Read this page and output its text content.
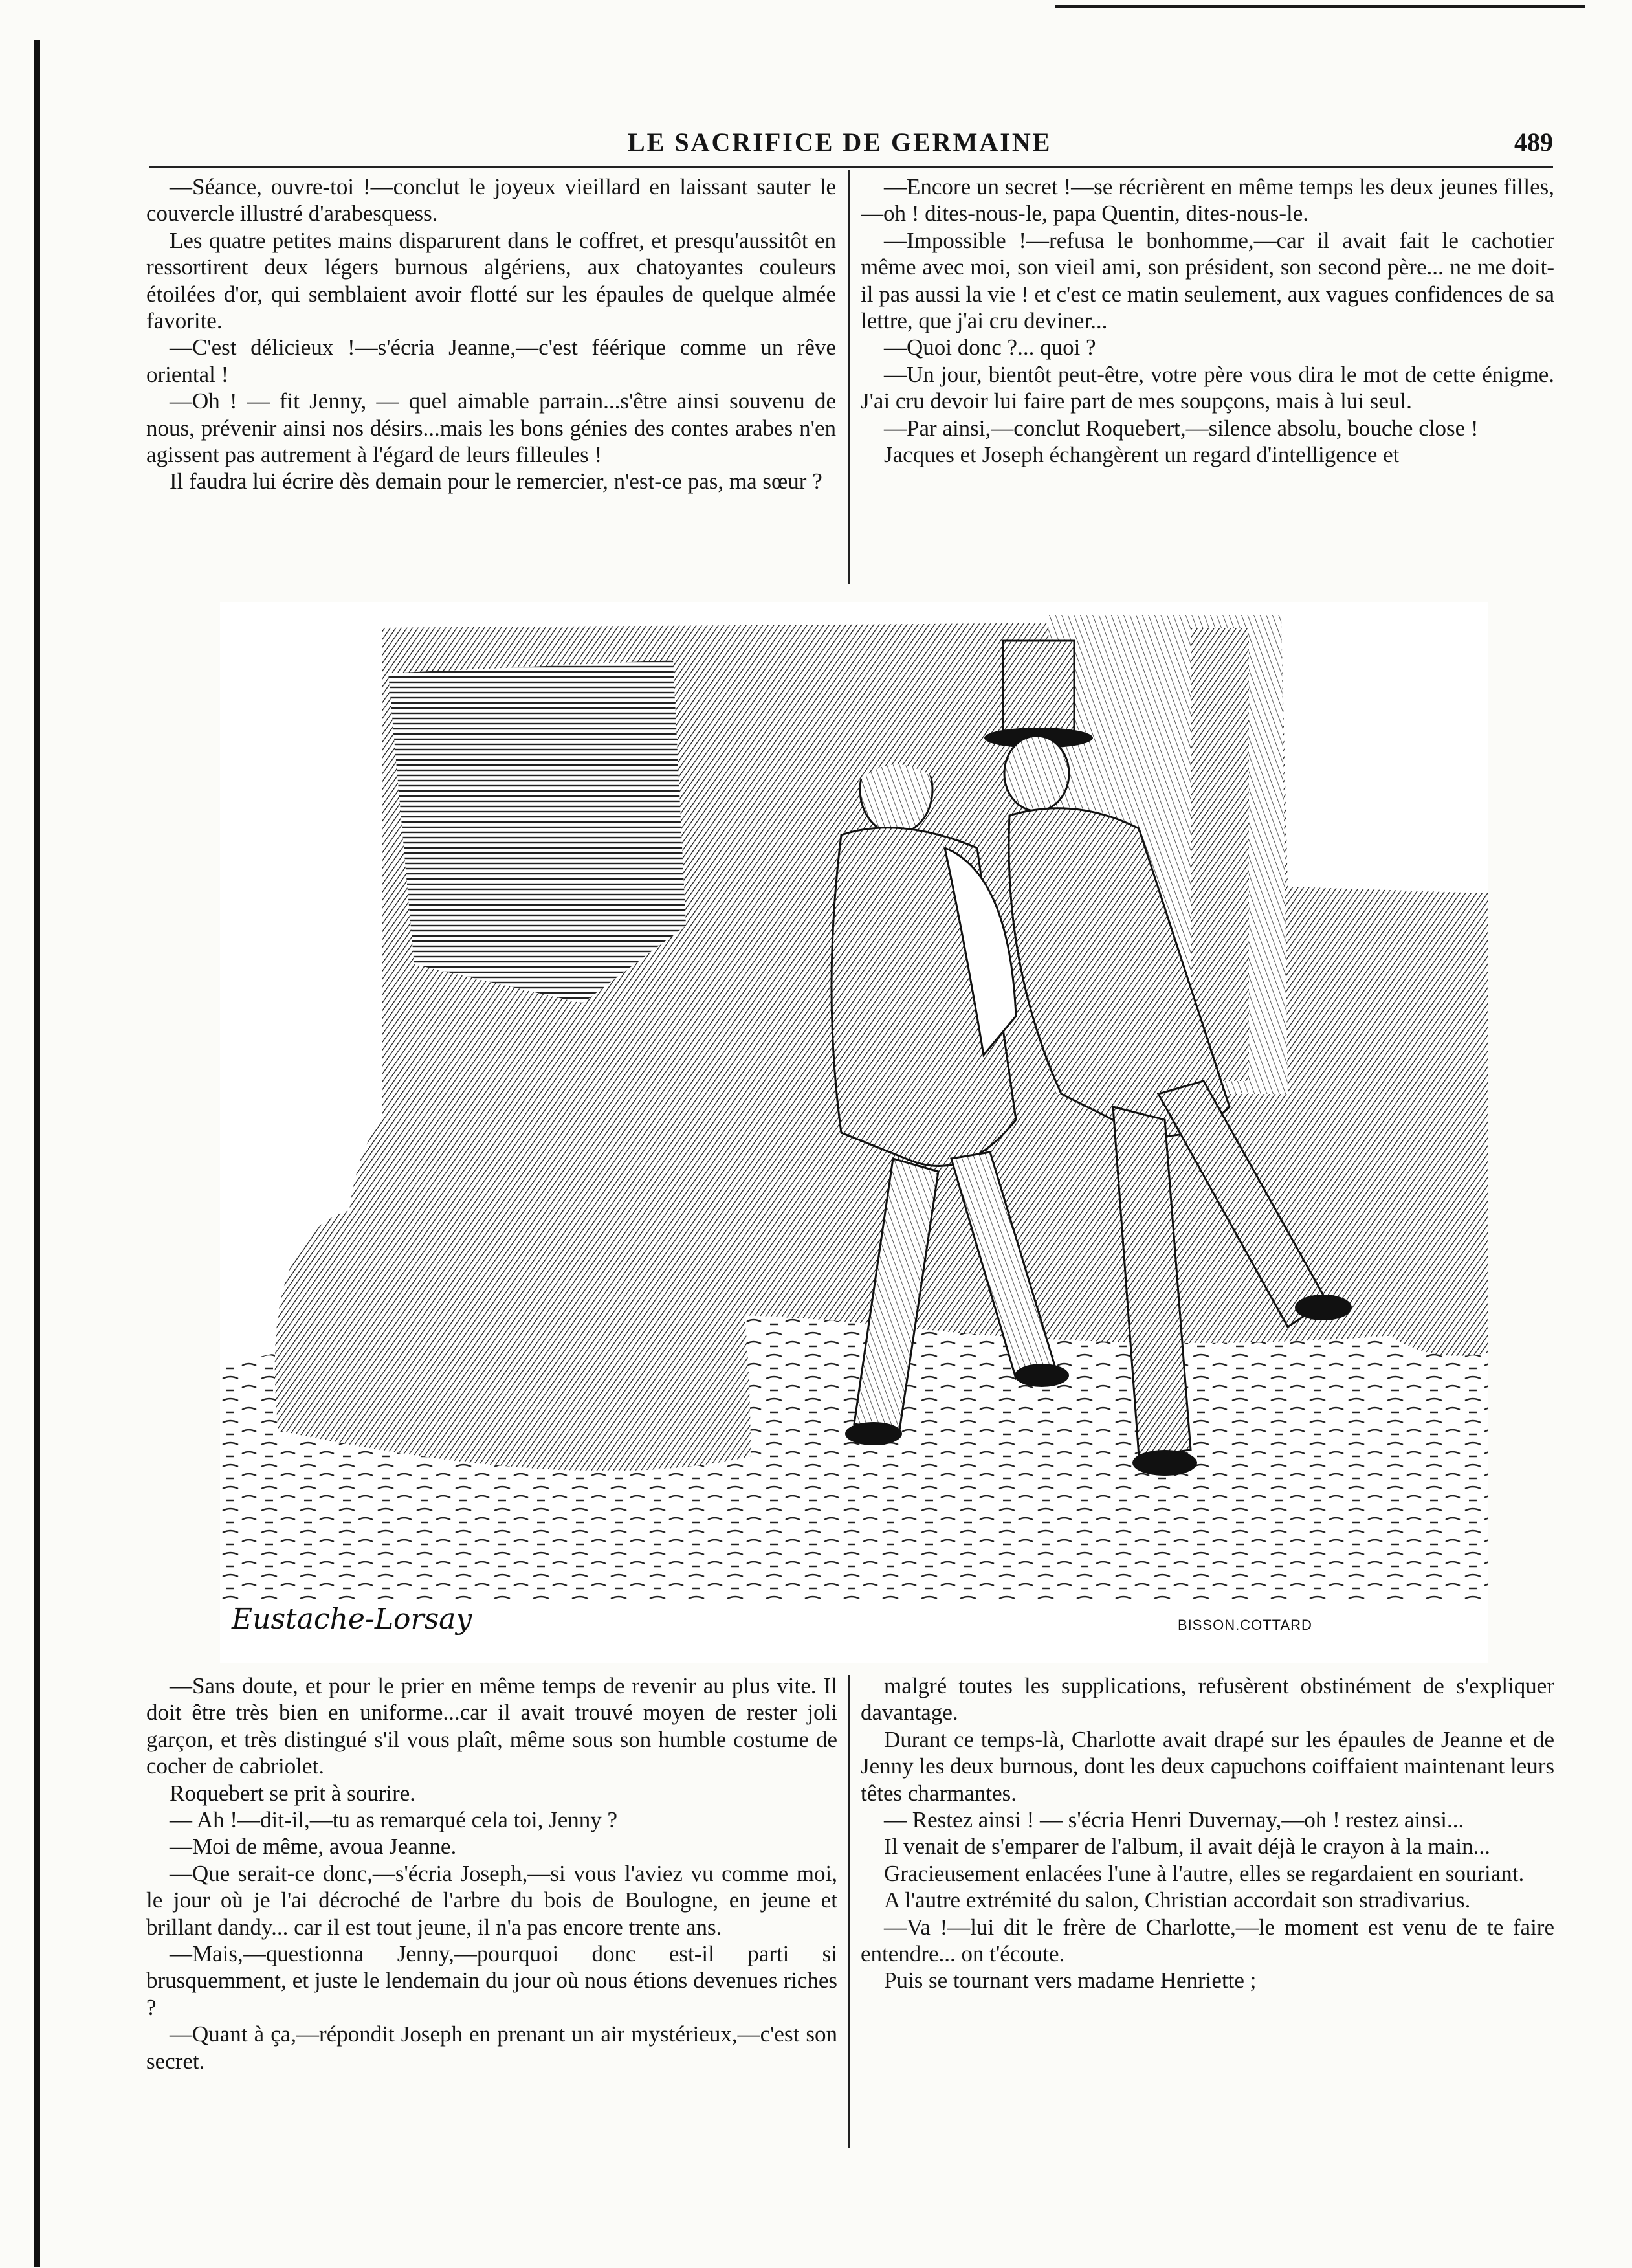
LE SACRIFICE DE GERMAINE	489

—Séance, ouvre-toi !—conclut le joyeux vieillard en laissant sauter le couvercle illustré d'arabesquess.

Les quatre petites mains disparurent dans le coffret, et presqu'aussitôt en ressortirent deux légers burnous algériens, aux chatoyantes couleurs étoilées d'or, qui semblaient avoir flotté sur les épaules de quelque almée favorite.

—C'est délicieux !—s'écria Jeanne,—c'est féérique comme un rêve oriental !

—Oh ! — fit Jenny, — quel aimable parrain...s'être ainsi souvenu de nous, prévenir ainsi nos désirs...mais les bons génies des contes arabes n'en agissent pas autrement à l'égard de leurs filleules !

Il faudra lui écrire dès demain pour le remercier, n'est-ce pas, ma sœur ?

—Encore un secret !—se récrièrent en même temps les deux jeunes filles,—oh ! dites-nous-le, papa Quentin, dites-nous-le.

—Impossible !—refusa le bonhomme,—car il avait fait le cachotier même avec moi, son vieil ami, son président, son second père... ne me doit-il pas aussi la vie ! et c'est ce matin seulement, aux vagues confidences de sa lettre, que j'ai cru deviner...

—Quoi donc ?... quoi ?

—Un jour, bientôt peut-être, votre père vous dira le mot de cette énigme. J'ai cru devoir lui faire part de mes soupçons, mais à lui seul.

—Par ainsi,—conclut Roquebert,—silence absolu, bouche close !

Jacques et Joseph échangèrent un regard d'intelligence et

Eustache-Lorsay	BISSON.COTTARD

—Sans doute, et pour le prier en même temps de revenir au plus vite. Il doit être très bien en uniforme...car il avait trouvé moyen de rester joli garçon, et très distingué s'il vous plaît, même sous son humble costume de cocher de cabriolet.

Roquebert se prit à sourire.

— Ah !—dit-il,—tu as remarqué cela toi, Jenny ?

—Moi de même, avoua Jeanne.

—Que serait-ce donc,—s'écria Joseph,—si vous l'aviez vu comme moi, le jour où je l'ai décroché de l'arbre du bois de Boulogne, en jeune et brillant dandy... car il est tout jeune, il n'a pas encore trente ans.

—Mais,—questionna Jenny,—pourquoi donc est-il parti si brusquemment, et juste le lendemain du jour où nous étions devenues riches ?

—Quant à ça,—répondit Joseph en prenant un air mystérieux,—c'est son secret.

malgré toutes les supplications, refusèrent obstinément de s'expliquer davantage.

Durant ce temps-là, Charlotte avait drapé sur les épaules de Jeanne et de Jenny les deux burnous, dont les deux capuchons coiffaient maintenant leurs têtes charmantes.

— Restez ainsi ! — s'écria Henri Duvernay,—oh ! restez ainsi...

Il venait de s'emparer de l'album, il avait déjà le crayon à la main...

Gracieusement enlacées l'une à l'autre, elles se regardaient en souriant.

A l'autre extrémité du salon, Christian accordait son stradivarius.

—Va !—lui dit le frère de Charlotte,—le moment est venu de te faire entendre... on t'écoute.

Puis se tournant vers madame Henriette ;
